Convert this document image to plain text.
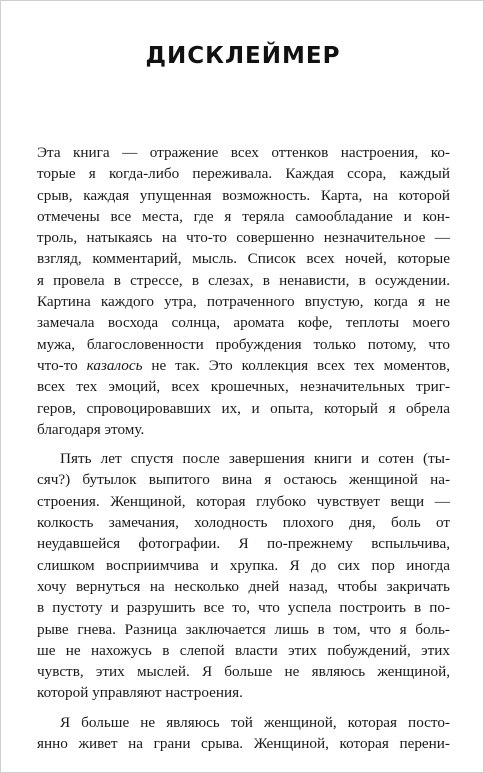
ДИСКЛЕЙМЕР
Эта книга — отражение всех оттенков настроения, ко-
торые я когда-либо переживала. Каждая ссора, каждый
срыв, каждая упущенная возможность. Карта, на которой
отмечены все места, где я теряла самообладание и кон-
троль, натыкаясь на что-то совершенно незначительное —
взгляд, комментарий, мысль. Список всех ночей, которые
я провела в стрессе, в слезах, в ненависти, в осуждении.
Картина каждого утра, потраченного впустую, когда я не
замечала восхода солнца, аромата кофе, теплоты моего
мужа, благословенности пробуждения только потому, что
что-то казалось не так. Это коллекция всех тех моментов,
всех тех эмоций, всех крошечных, незначительных триг-
геров, спровоцировавших их, и опыта, который я обрела
благодаря этому.
Пять лет спустя после завершения книги и сотен (ты-
сяч?) бутылок выпитого вина я остаюсь женщиной на-
строения. Женщиной, которая глубоко чувствует вещи —
колкость замечания, холодность плохого дня, боль от
неудавшейся фотографии. Я по-прежнему вспыльчива,
слишком восприимчива и хрупка. Я до сих пор иногда
хочу вернуться на несколько дней назад, чтобы закричать
в пустоту и разрушить все то, что успела построить в по-
рыве гнева. Разница заключается лишь в том, что я боль-
ше не нахожусь в слепой власти этих побуждений, этих
чувств, этих мыслей. Я больше не являюсь женщиной,
которой управляют настроения.
Я больше не являюсь той женщиной, которая посто-
янно живет на грани срыва. Женщиной, которая перени-
